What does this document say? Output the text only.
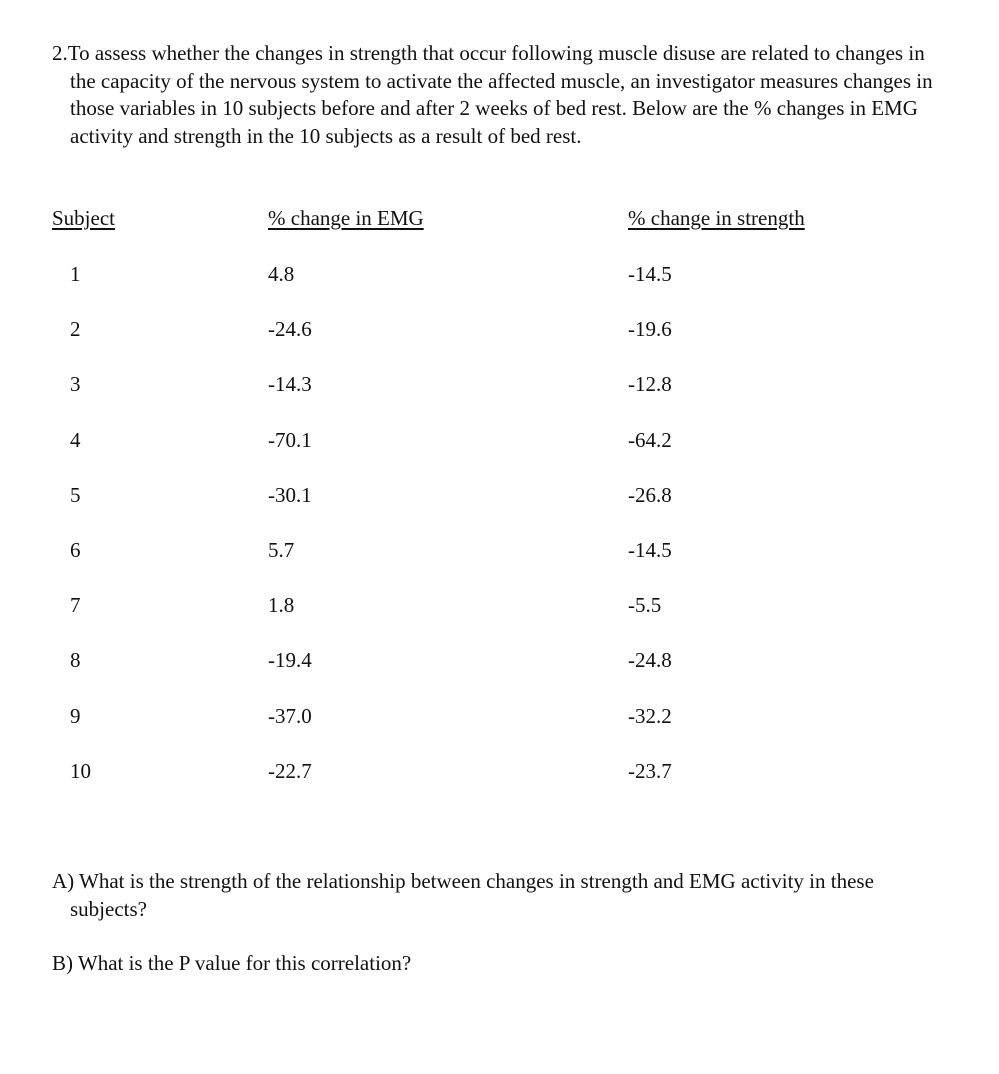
2.To assess whether the changes in strength that occur following muscle disuse are related to changes in the capacity of the nervous system to activate the affected muscle, an investigator measures changes in those variables in 10 subjects before and after 2 weeks of bed rest. Below are the % changes in EMG activity and strength in the 10 subjects as a result of bed rest.
Subject	% change in EMG	% change in strength
1	4.8	-14.5
2	-24.6	-19.6
3	-14.3	-12.8
4	-70.1	-64.2
5	-30.1	-26.8
6	5.7	-14.5
7	1.8	-5.5
8	-19.4	-24.8
9	-37.0	-32.2
10	-22.7	-23.7
A) What is the strength of the relationship between changes in strength and EMG activity in these subjects?
B) What is the P value for this correlation?
